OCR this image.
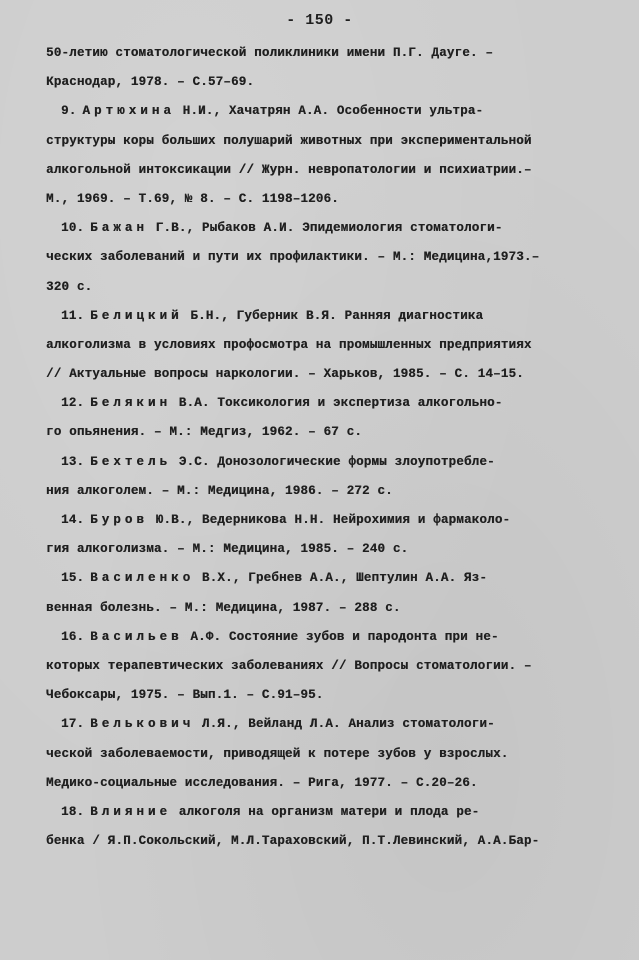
- 150 -
50-летию стоматологической поликлиники имени П.Г. Дауге. –
Краснодар, 1978. – С.57–69.
9. Артюхина Н.И., Хачатрян А.А. Особенности ультра-
структуры коры больших полушарий животных при экспериментальной
алкогольной интоксикации // Журн. невропатологии и психиатрии.–
М., 1969. – Т.69, № 8. – С. 1198–1206.
10. Бажан Г.В., Рыбаков А.И. Эпидемиология стоматологи-
ческих заболеваний и пути их профилактики. – М.: Медицина,1973.–
320 с.
11. Белицкий Б.Н., Губерник В.Я. Ранняя диагностика
алкоголизма в условиях профосмотра на промышленных предприятиях
// Актуальные вопросы наркологии. – Харьков, 1985. – С. 14–15.
12. Белякин В.А. Токсикология и экспертиза алкогольно-
го опьянения. – М.: Медгиз, 1962. – 67 с.
13. Бехтель Э.С. Донозологические формы злоупотребле-
ния алкоголем. – М.: Медицина, 1986. – 272 с.
14. Буров Ю.В., Ведерникова Н.Н. Нейрохимия и фармаколо-
гия алкоголизма. – М.: Медицина, 1985. – 240 с.
15. Василенко В.Х., Гребнев А.А., Шептулин А.А. Яз-
венная болезнь. – М.: Медицина, 1987. – 288 с.
16. Васильев А.Ф. Состояние зубов и пародонта при не-
которых терапевтических заболеваниях // Вопросы стоматологии. –
Чебоксары, 1975. – Вып.1. – С.91–95.
17. Велькович Л.Я., Вейланд Л.А. Анализ стоматологи-
ческой заболеваемости, приводящей к потере зубов у взрослых.
Медико-социальные исследования. – Рига, 1977. – С.20–26.
18. Влияние алкоголя на организм матери и плода ре-
бенка / Я.П.Сокольский, М.Л.Тараховский, П.Т.Левинский, А.А.Бар-
